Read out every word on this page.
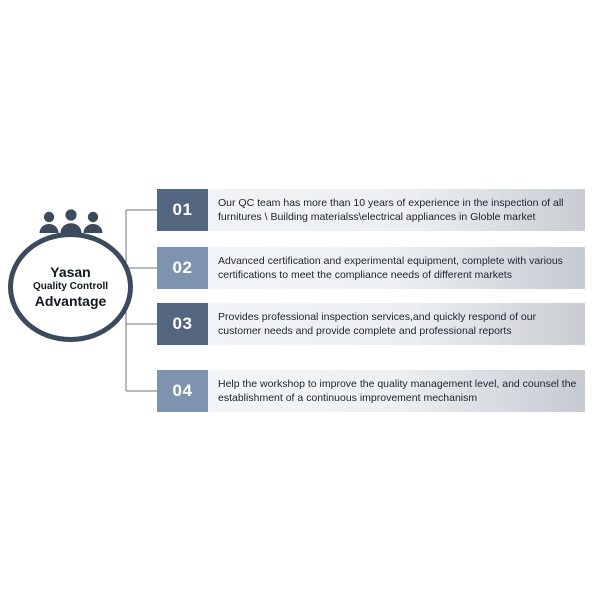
Yasan
Quality Controll
Advantage
01	Our QC team has more than 10 years of experience in the inspection of all furnitures \ Building materialss\electrical appliances in Globle market
02	Advanced certification and experimental equipment, complete with various certifications to meet the compliance needs of different markets
03	Provides professional inspection services,and quickly respond of our customer needs and provide complete and professional reports
04	Help the workshop to improve the quality management level, and counsel the establishment of a continuous improvement mechanism
